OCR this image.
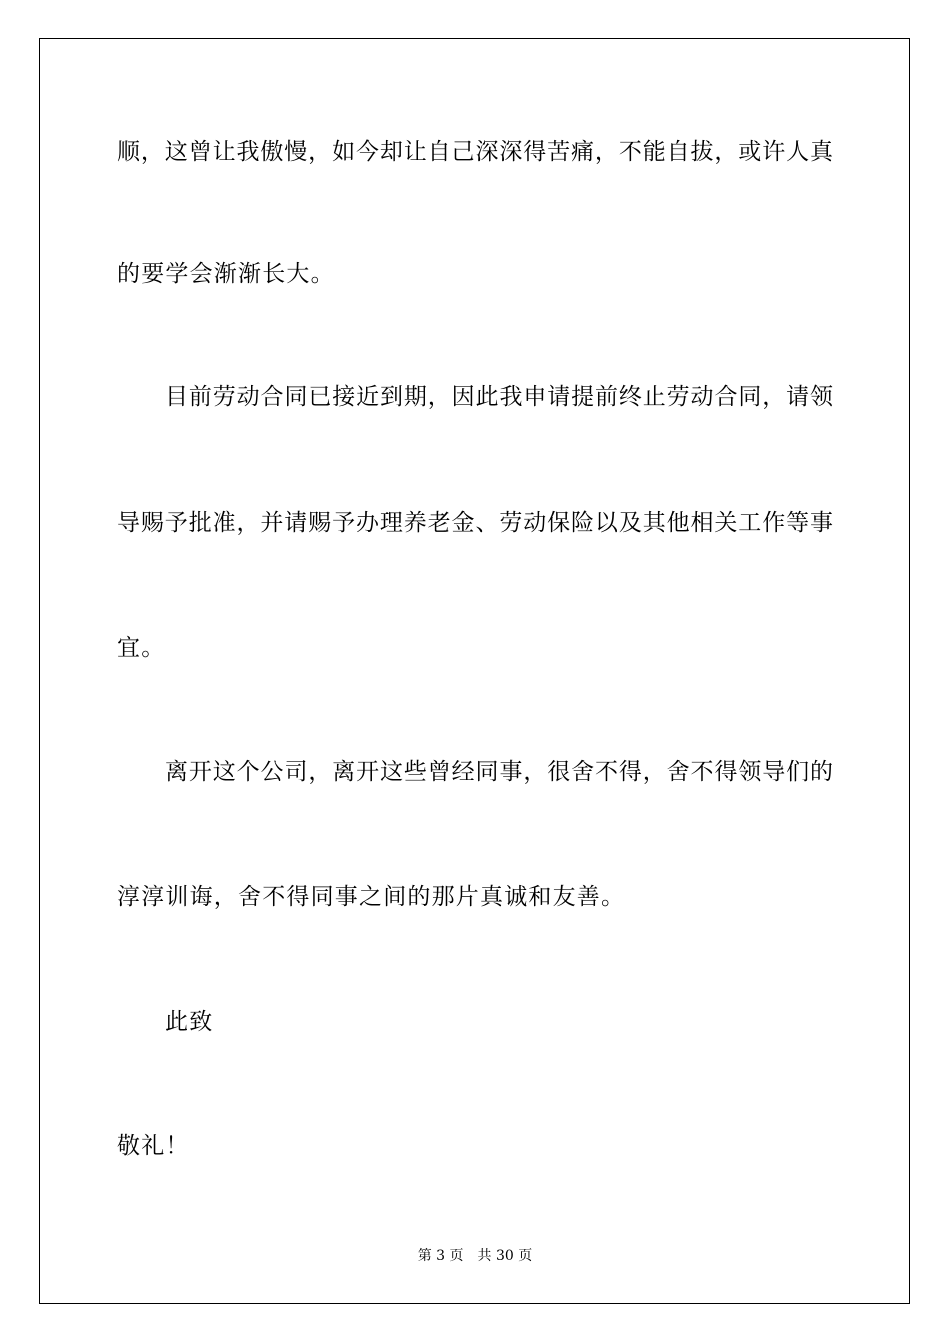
顺，这曾让我傲慢，如今却让自己深深得苦痛，不能自拔，或许人真
的要学会渐渐长大。
目前劳动合同已接近到期，因此我申请提前终止劳动合同，请领
导赐予批准，并请赐予办理养老金、劳动保险以及其他相关工作等事
宜。
离开这个公司，离开这些曾经同事，很舍不得，舍不得领导们的
淳淳训诲，舍不得同事之间的那片真诚和友善。
此致
敬礼！
第 3 页 共 30 页
